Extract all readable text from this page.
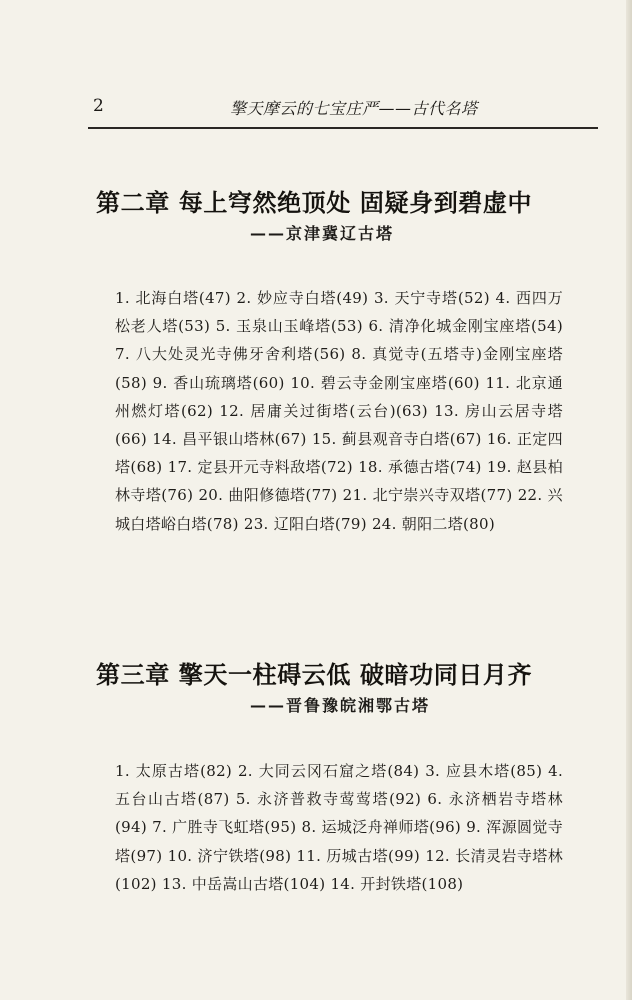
2	擎天摩云的七宝庄严——古代名塔
第二章 每上穹然绝顶处 固疑身到碧虚中
——京津冀辽古塔
1. 北海白塔(47) 2. 妙应寺白塔(49) 3. 天宁寺塔(52) 4. 西四万松老人塔(53) 5. 玉泉山玉峰塔(53) 6. 清净化城金刚宝座塔(54) 7. 八大处灵光寺佛牙舍利塔(56) 8. 真觉寺(五塔寺)金刚宝座塔(58) 9. 香山琉璃塔(60) 10. 碧云寺金刚宝座塔(60) 11. 北京通州燃灯塔(62) 12. 居庸关过街塔(云台)(63) 13. 房山云居寺塔(66) 14. 昌平银山塔林(67) 15. 蓟县观音寺白塔(67) 16. 正定四塔(68) 17. 定县开元寺料敌塔(72) 18. 承德古塔(74) 19. 赵县柏林寺塔(76) 20. 曲阳修德塔(77) 21. 北宁崇兴寺双塔(77) 22. 兴城白塔峪白塔(78) 23. 辽阳白塔(79) 24. 朝阳二塔(80)
第三章 擎天一柱碍云低 破暗功同日月齐
——晋鲁豫皖湘鄂古塔
1. 太原古塔(82) 2. 大同云冈石窟之塔(84) 3. 应县木塔(85) 4. 五台山古塔(87) 5. 永济普救寺莺莺塔(92) 6. 永济栖岩寺塔林(94) 7. 广胜寺飞虹塔(95) 8. 运城泛舟禅师塔(96) 9. 浑源圆觉寺塔(97) 10. 济宁铁塔(98) 11. 历城古塔(99) 12. 长清灵岩寺塔林(102) 13. 中岳嵩山古塔(104) 14. 开封铁塔(108)
